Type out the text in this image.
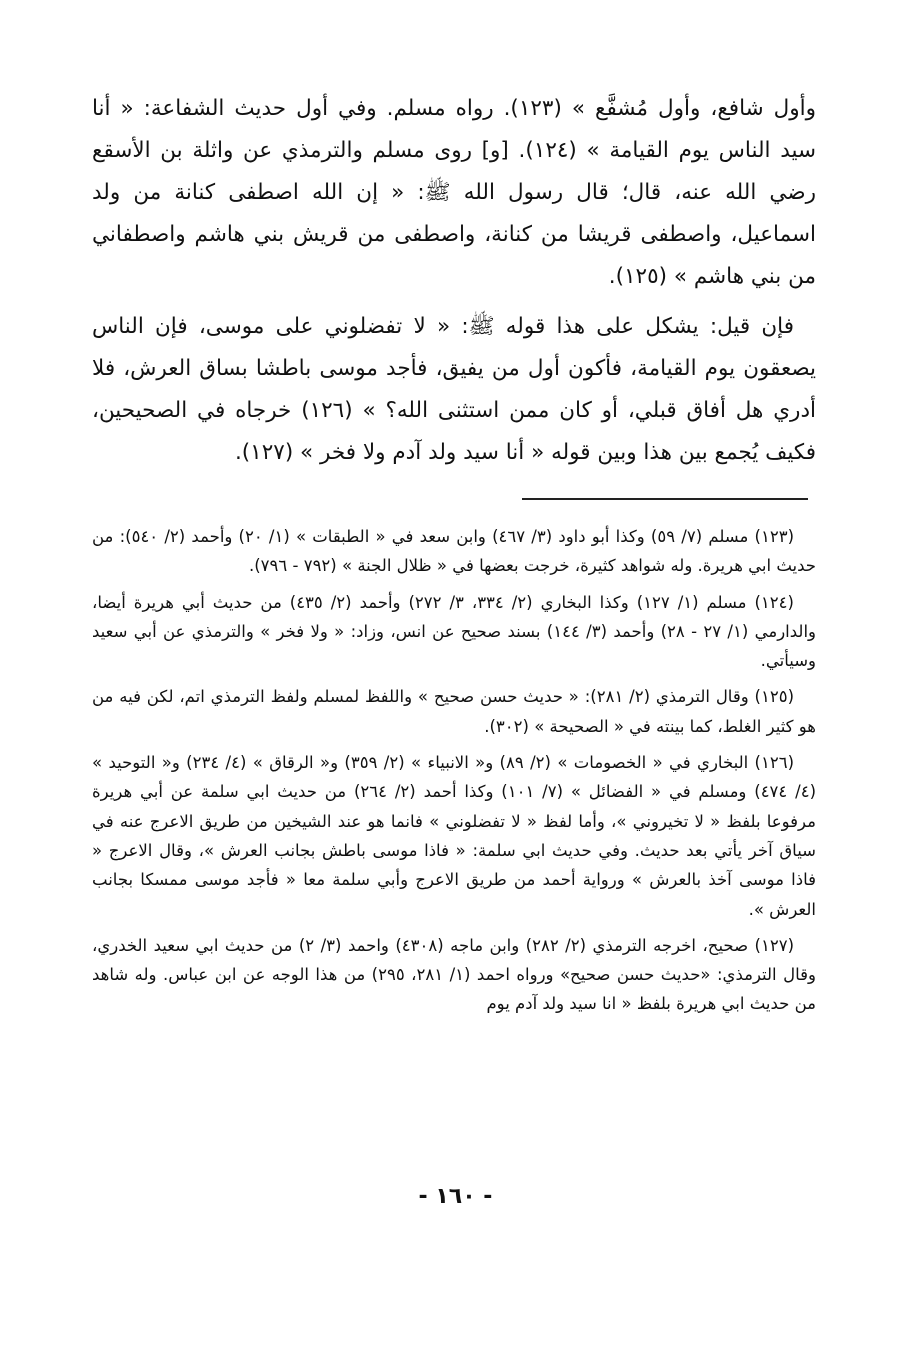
وأول شافع، وأول مُشفَّع » (١٢٣). رواه مسلم. وفي أول حديث الشفاعة: « أنا سيد الناس يوم القيامة » (١٢٤). [و] روى مسلم والترمذي عن واثلة بن الأسقع رضي الله عنه، قال؛ قال رسول الله ﷺ: « إن الله اصطفى كنانة من ولد اسماعيل، واصطفى قريشا من كنانة، واصطفى من قريش بني هاشم واصطفاني من بني هاشم » (١٢٥).

فإن قيل: يشكل على هذا قوله ﷺ: « لا تفضلوني على موسى، فإن الناس يصعقون يوم القيامة، فأكون أول من يفيق، فأجد موسى باطشا بساق العرش، فلا أدري هل أفاق قبلي، أو كان ممن استثنى الله؟ » (١٢٦) خرجاه في الصحيحين، فكيف يُجمع بين هذا وبين قوله « أنا سيد ولد آدم ولا فخر » (١٢٧).

(١٢٣) مسلم (٧/ ٥٩) وكذا أبو داود (٣/ ٤٦٧) وابن سعد في « الطبقات » (١/ ٢٠) وأحمد (٢/ ٥٤٠): من حديث ابي هريرة. وله شواهد كثيرة، خرجت بعضها في « ظلال الجنة » (٧٩٢ - ٧٩٦).

(١٢٤) مسلم (١/ ١٢٧) وكذا البخاري (٢/ ٣٣٤، ٣/ ٢٧٢) وأحمد (٢/ ٤٣٥) من حديث أبي هريرة أيضا، والدارمي (١/ ٢٧ - ٢٨) وأحمد (٣/ ١٤٤) بسند صحيح عن انس، وزاد: « ولا فخر » والترمذي عن أبي سعيد وسيأتي.

(١٢٥) وقال الترمذي (٢/ ٢٨١): « حديث حسن صحيح » واللفظ لمسلم ولفظ الترمذي اتم، لكن فيه من هو كثير الغلط، كما بينته في « الصحيحة » (٣٠٢).

(١٢٦) البخاري في « الخصومات » (٢/ ٨٩) و« الانبياء » (٢/ ٣٥٩) و« الرقاق » (٤/ ٢٣٤) و« التوحيد » (٤/ ٤٧٤) ومسلم في « الفضائل » (٧/ ١٠١) وكذا أحمد (٢/ ٢٦٤) من حديث ابي سلمة عن أبي هريرة مرفوعا بلفظ « لا تخيروني »، وأما لفظ « لا تفضلوني » فانما هو عند الشيخين من طريق الاعرج عنه في سياق آخر يأتي بعد حديث. وفي حديث ابي سلمة: « فاذا موسى باطش بجانب العرش »، وقال الاعرج « فاذا موسى آخذ بالعرش » ورواية أحمد من طريق الاعرج وأبي سلمة معا « فأجد موسى ممسكا بجانب العرش ».

(١٢٧) صحيح، اخرجه الترمذي (٢/ ٢٨٢) وابن ماجه (٤٣٠٨) واحمد (٣/ ٢) من حديث ابي سعيد الخدري، وقال الترمذي: «حديث حسن صحيح» ورواه احمد (١/ ٢٨١، ٢٩٥) من هذا الوجه عن ابن عباس. وله شاهد من حديث ابي هريرة بلفظ « انا سيد ولد آدم يوم

- ١٦٠ -
